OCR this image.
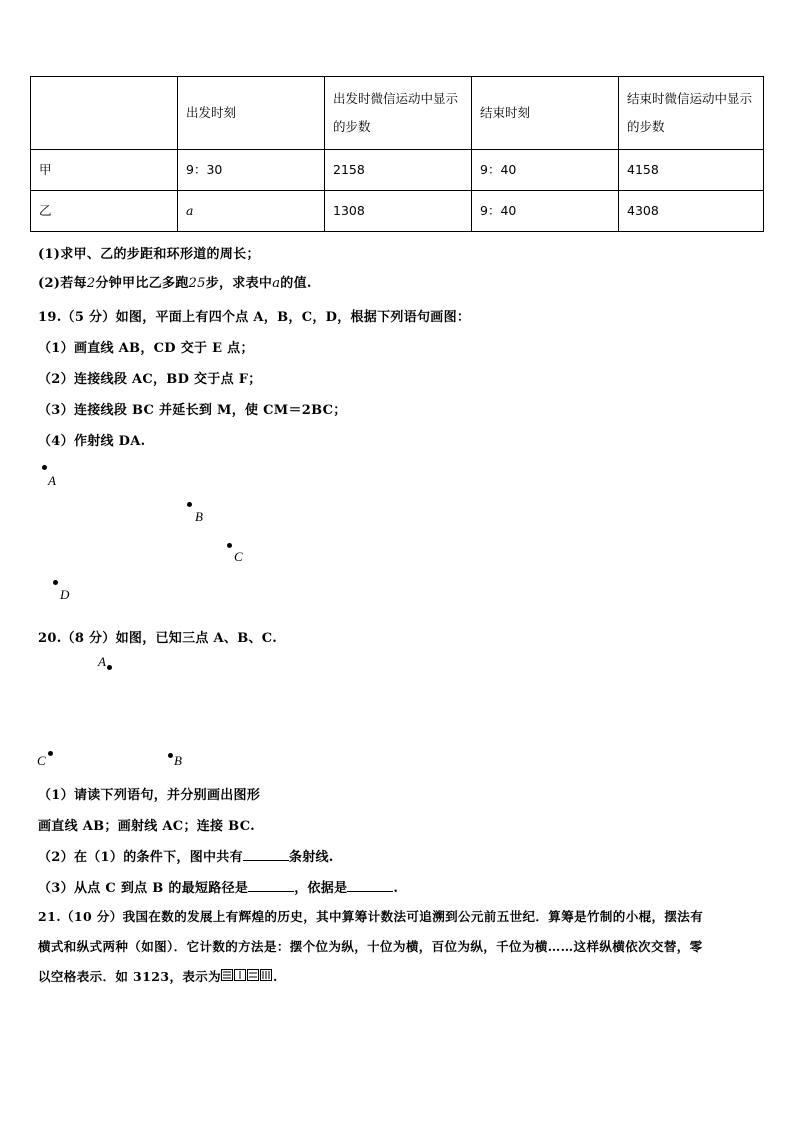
	出发时刻	出发时微信运动中显示的步数	结束时刻	结束时微信运动中显示的步数
甲	9：30	2158	9：40	4158
乙	a	1308	9：40	4308
(1)求甲、乙的步距和环形道的周长；
(2)若每2分钟甲比乙多跑25步，求表中a的值.
19.（5 分）如图，平面上有四个点 A，B，C，D，根据下列语句画图：
（1）画直线 AB，CD 交于 E 点；
（2）连接线段 AC，BD 交于点 F；
（3）连接线段 BC 并延长到 M，使 CM＝2BC；
（4）作射线 DA.
A
B
C
D
20.（8 分）如图，已知三点 A、B、C.
A
C	B
（1）请读下列语句，并分别画出图形
画直线 AB；画射线 AC；连接 BC.
（2）在（1）的条件下，图中共有	条射线.
（3）从点 C 到点 B 的最短路径是	，依据是	.
21.（10 分）我国在数的发展上有辉煌的历史，其中算筹计数法可追溯到公元前五世纪．算筹是竹制的小棍，摆法有
横式和纵式两种（如图）．它计数的方法是：摆个位为纵，十位为横，百位为纵，千位为横……这样纵横依次交替，零
以空格表示．如 3123，表示为	.
